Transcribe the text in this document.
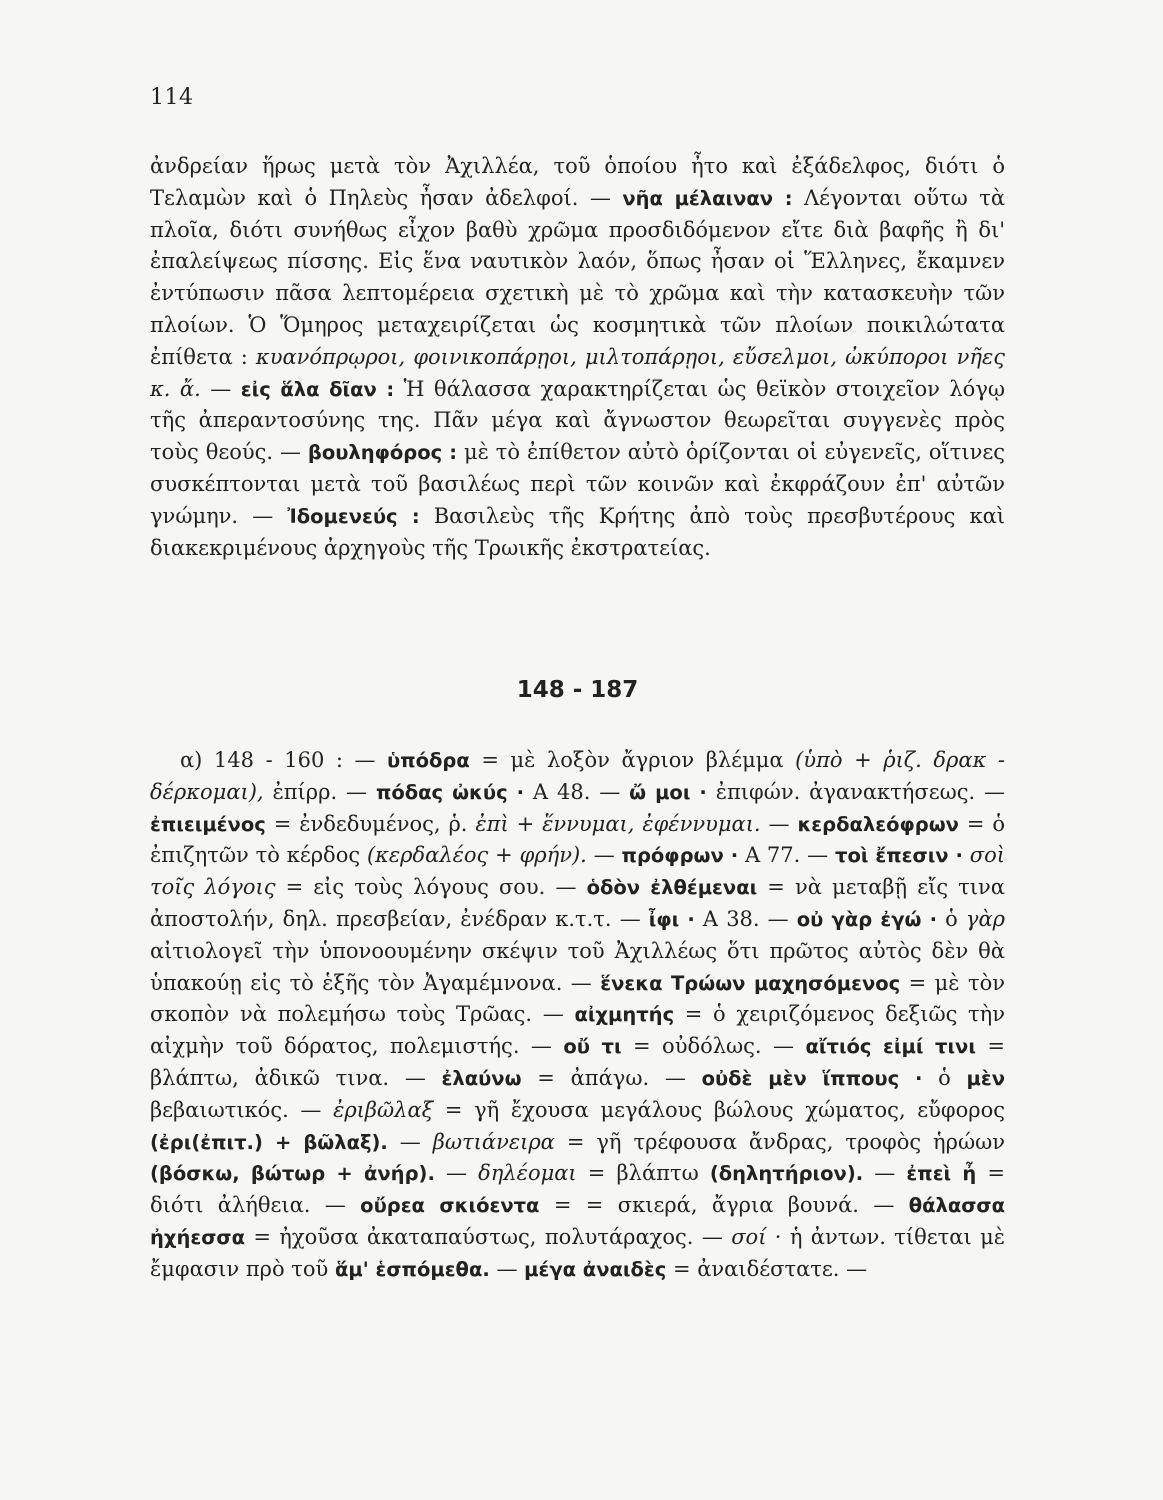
114
ἀνδρείαν ἥρως μετὰ τὸν Ἀχιλλέα, τοῦ ὁποίου ἦτο καὶ ἐξάδελφος, διότι ὁ Τελαμὼν καὶ ὁ Πηλεὺς ἦσαν ἀδελφοί. — νῆα μέλαιναν : Λέγονται οὕτω τὰ πλοῖα, διότι συνήθως εἶχον βαθὺ χρῶμα προσδιδόμενον εἴτε διὰ βαφῆς ἢ δι' ἐπαλείψεως πίσσης. Εἰς ἕνα ναυτικὸν λαόν, ὅπως ἦσαν οἱ Ἕλληνες, ἔκαμνεν ἐντύπωσιν πᾶσα λεπτομέρεια σχετικὴ μὲ τὸ χρῶμα καὶ τὴν κατασκευὴν τῶν πλοίων. Ὁ Ὅμηρος μεταχειρίζεται ὡς κοσμητικὰ τῶν πλοίων ποικιλώτατα ἐπίθετα : κυανόπρῳροι, φοινικοπάρῃοι, μιλτοπάρῃοι, εὔσελμοι, ὠκύποροι νῆες κ. ἄ. — εἰς ἅλα δῖαν : Ἡ θάλασσα χαρακτηρίζεται ὡς θεϊκὸν στοιχεῖον λόγῳ τῆς ἀπεραντοσύνης της. Πᾶν μέγα καὶ ἄγνωστον θεωρεῖται συγγενὲς πρὸς τοὺς θεούς. — βουληφόρος : μὲ τὸ ἐπίθετον αὐτὸ ὁρίζονται οἱ εὐγενεῖς, οἵτινες συσκέπτονται μετὰ τοῦ βασιλέως περὶ τῶν κοινῶν καὶ ἐκφράζουν ἐπ' αὐτῶν γνώμην. — Ἰδομενεύς : Βασιλεὺς τῆς Κρήτης ἀπὸ τοὺς πρεσβυτέρους καὶ διακεκριμένους ἀρχηγοὺς τῆς Τρωικῆς ἐκστρατείας.
148 - 187
α) 148 - 160 : — ὑπόδρα = μὲ λοξὸν ἄγριον βλέμμα (ὑπὸ + ῥιζ. δρακ - δέρκομαι), ἐπίρρ. — πόδας ὠκύς · Α 48. — ὤ μοι · ἐπιφών. ἀγανακτήσεως. — ἐπιειμένος = ἐνδεδυμένος, ῥ. ἐπὶ + ἕννυμαι, ἐφέννυμαι. — κερδαλεόφρων = ὁ ἐπιζητῶν τὸ κέρδος (κερδαλέος + φρήν). — πρόφρων · Α 77. — τοὶ ἔπεσιν · σοὶ τοῖς λόγοις = εἰς τοὺς λόγους σου. — ὁδὸν ἐλθέμεναι = νὰ μεταβῇ εἴς τινα ἀποστολήν, δηλ. πρεσβείαν, ἐνέδραν κ.τ.τ. — ἶφι · Α 38. — οὐ γὰρ ἐγώ · ὁ γὰρ αἰτιολογεῖ τὴν ὑπονοουμένην σκέψιν τοῦ Ἀχιλλέως ὅτι πρῶτος αὐτὸς δὲν θὰ ὑπακούῃ εἰς τὸ ἑξῆς τὸν Ἀγαμέμνονα. — ἕνεκα Τρώων μαχησόμενος = μὲ τὸν σκοπὸν νὰ πολεμήσω τοὺς Τρῶας. — αἰχμητής = ὁ χειριζόμενος δεξιῶς τὴν αἰχμὴν τοῦ δόρατος, πολεμιστής. — οὔ τι = οὐδόλως. — αἴτιός εἰμί τινι = βλάπτω, ἀδικῶ τινα. — ἐλαύνω = ἀπάγω. — οὐδὲ μὲν ἵππους · ὁ μὲν βεβαιωτικός. — ἐριβῶλαξ = γῆ ἔχουσα μεγάλους βώλους χώματος, εὔφορος (ἐρι(ἐπιτ.) + βῶλαξ). — βωτιάνειρα = γῆ τρέφουσα ἄνδρας, τροφὸς ἡρώων (βόσκω, βώτωρ + ἀνήρ). — δηλέομαι = βλάπτω (δηλητήριον). — ἐπεὶ ἦ = διότι ἀλήθεια. — οὔρεα σκιόεντα = = σκιερά, ἄγρια βουνά. — θάλασσα ἠχήεσσα = ἠχοῦσα ἀκαταπαύστως, πολυτάραχος. — σοί · ἡ ἀντων. τίθεται μὲ ἔμφασιν πρὸ τοῦ ἅμ' ἑσπόμεθα. — μέγα ἀναιδὲς = ἀναιδέστατε. —
